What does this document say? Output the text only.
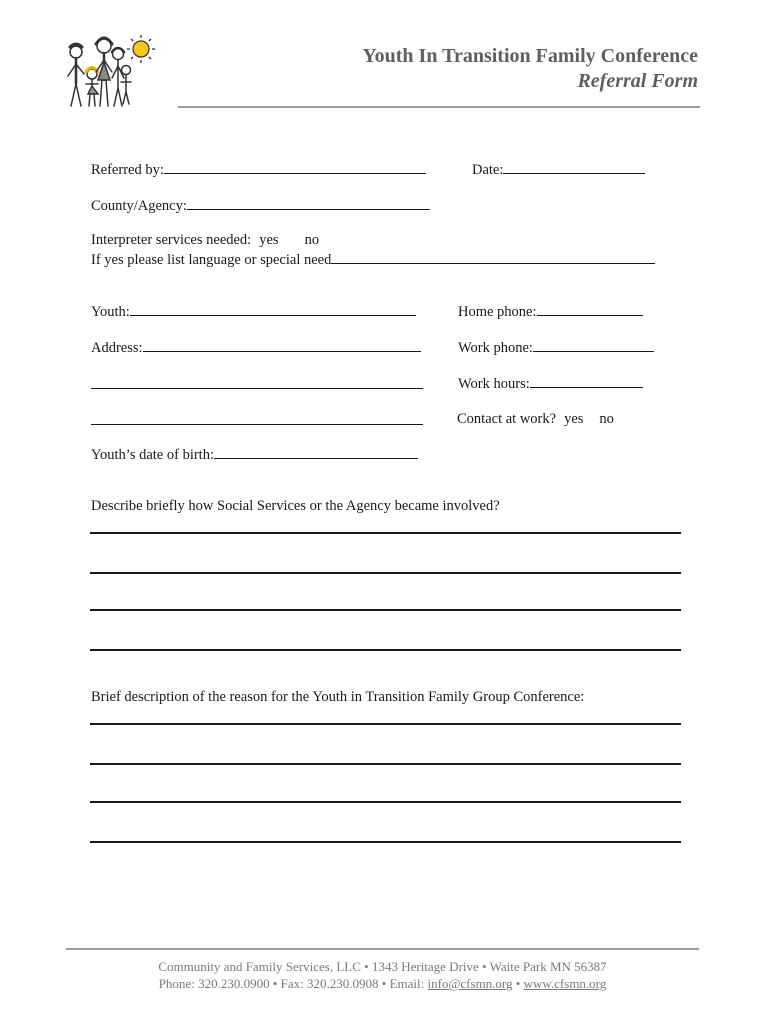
Youth In Transition Family Conference
Referral Form
Referred by:	Date:
County/Agency:
Interpreter services needed: yes no
If yes please list language or special need
Youth:	Home phone:
Address:	Work phone:
Work hours:
Contact at work? yes no
Youth’s date of birth:
Describe briefly how Social Services or the Agency became involved?
Brief description of the reason for the Youth in Transition Family Group Conference:
Community and Family Services, LLC • 1343 Heritage Drive • Waite Park MN 56387
Phone: 320.230.0900 • Fax: 320.230.0908 • Email: info@cfsmn.org • www.cfsmn.org
